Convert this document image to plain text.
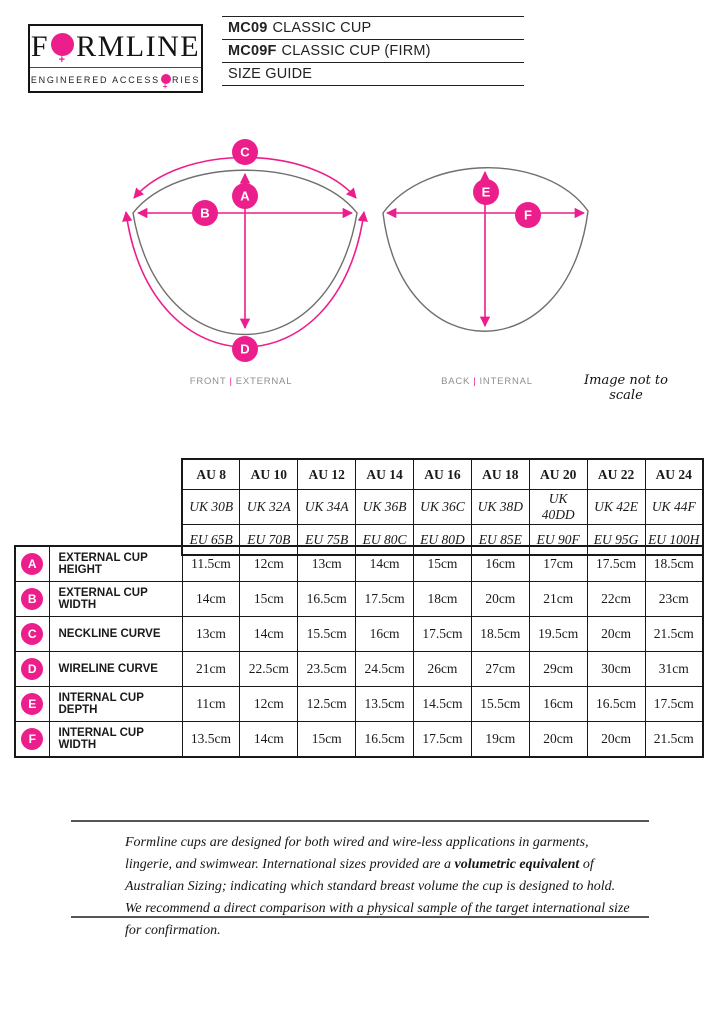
F + RMLINE
ENGINEERED ACCESS + RIES
MC09 CLASSIC CUP
MC09F CLASSIC CUP (FIRM)
SIZE GUIDE
C
A
B
D
E
F
FRONT | EXTERNAL	BACK | INTERNAL	Image not to scale
AU 8	AU 10	AU 12	AU 14	AU 16	AU 18	AU 20	AU 22	AU 24
UK 30B	UK 32A	UK 34A	UK 36B	UK 36C	UK 38D	UK 40DD	UK 42E	UK 44F
EU 65B	EU 70B	EU 75B	EU 80C	EU 80D	EU 85E	EU 90F	EU 95G	EU 100H
A	EXTERNAL CUP HEIGHT	11.5cm	12cm	13cm	14cm	15cm	16cm	17cm	17.5cm	18.5cm
B	EXTERNAL CUP WIDTH	14cm	15cm	16.5cm	17.5cm	18cm	20cm	21cm	22cm	23cm
C	NECKLINE CURVE	13cm	14cm	15.5cm	16cm	17.5cm	18.5cm	19.5cm	20cm	21.5cm
D	WIRELINE CURVE	21cm	22.5cm	23.5cm	24.5cm	26cm	27cm	29cm	30cm	31cm
E	INTERNAL CUP DEPTH	11cm	12cm	12.5cm	13.5cm	14.5cm	15.5cm	16cm	16.5cm	17.5cm
F	INTERNAL CUP WIDTH	13.5cm	14cm	15cm	16.5cm	17.5cm	19cm	20cm	20cm	21.5cm

Formline cups are designed for both wired and wire-less applications in garments, lingerie, and swimwear. International sizes provided are a volumetric equivalent of Australian Sizing; indicating which standard breast volume the cup is designed to hold. We recommend a direct comparison with a physical sample of the target international size for confirmation.
